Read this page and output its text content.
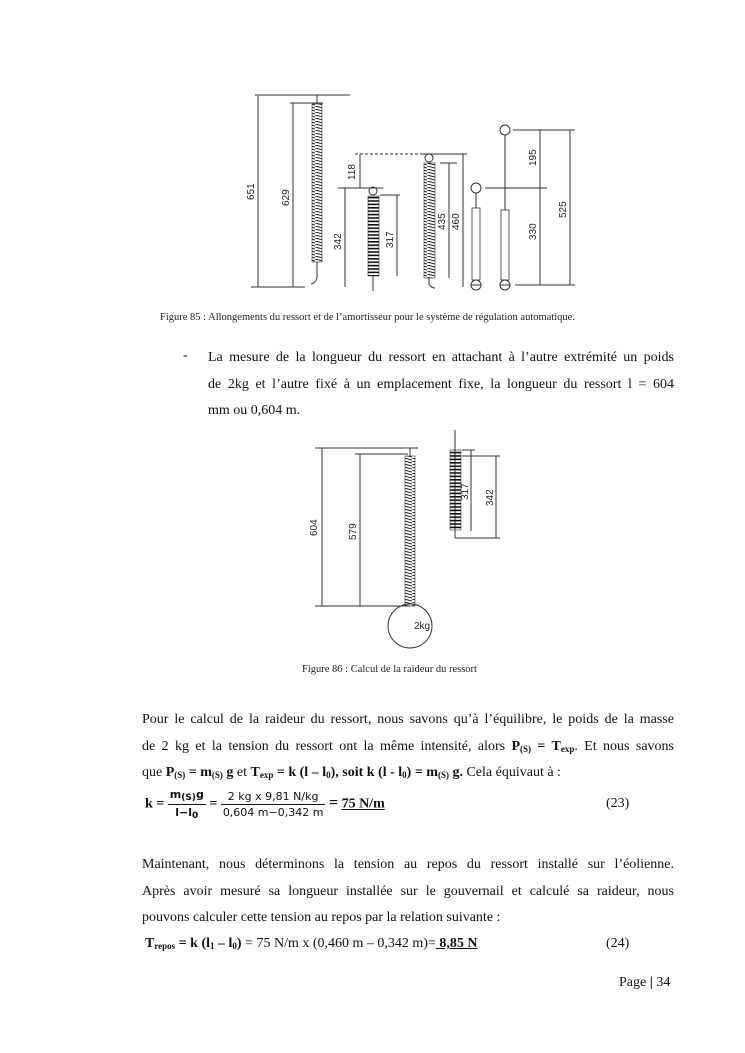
651 629
118
342	317
435 460
195
330
525
Figure 85 : Allongements du ressort et de l’amortisseur pour le système de régulation automatique.
- La mesure de la longueur du ressort en attachant à l’autre extrémité un poids
de 2kg et l’autre fixé à un emplacement fixe, la longueur du ressort l = 604
mm ou 0,604 m.
2kg
604	579
317 342
Figure 86 : Calcul de la raideur du ressort
Pour le calcul de la raideur du ressort, nous savons qu’à l’équilibre, le poids de la masse
de 2 kg et la tension du ressort ont la même intensité, alors $P_{(S)} = T_{exp}$. Et nous savons
que $P_{(S)} = m_{(S)}$ g et $T_{exp} = k$ $(l - l_0)$, soit k $(l - l_0) = m_{(S)}$ g. Cela équivaut à :
$k = \frac{m_{(S)}g}{l-l_0} = \frac{\text{2 kg x 9,81 N/kg}}{0,604 m-0,342 m} = 75$ N/m	(23)
Maintenant, nous déterminons la tension au repos du ressort installé sur l’éolienne.
Après avoir mesuré sa longueur installée sur le gouvernail et calculé sa raideur, nous
pouvons calculer cette tension au repos par la relation suivante :
$T_{repos} = k$ $(l_1 - l_0) = 75$ N/m x (0,460 m – 0,342 m)= 8,85 N	(24)
Page | 34
